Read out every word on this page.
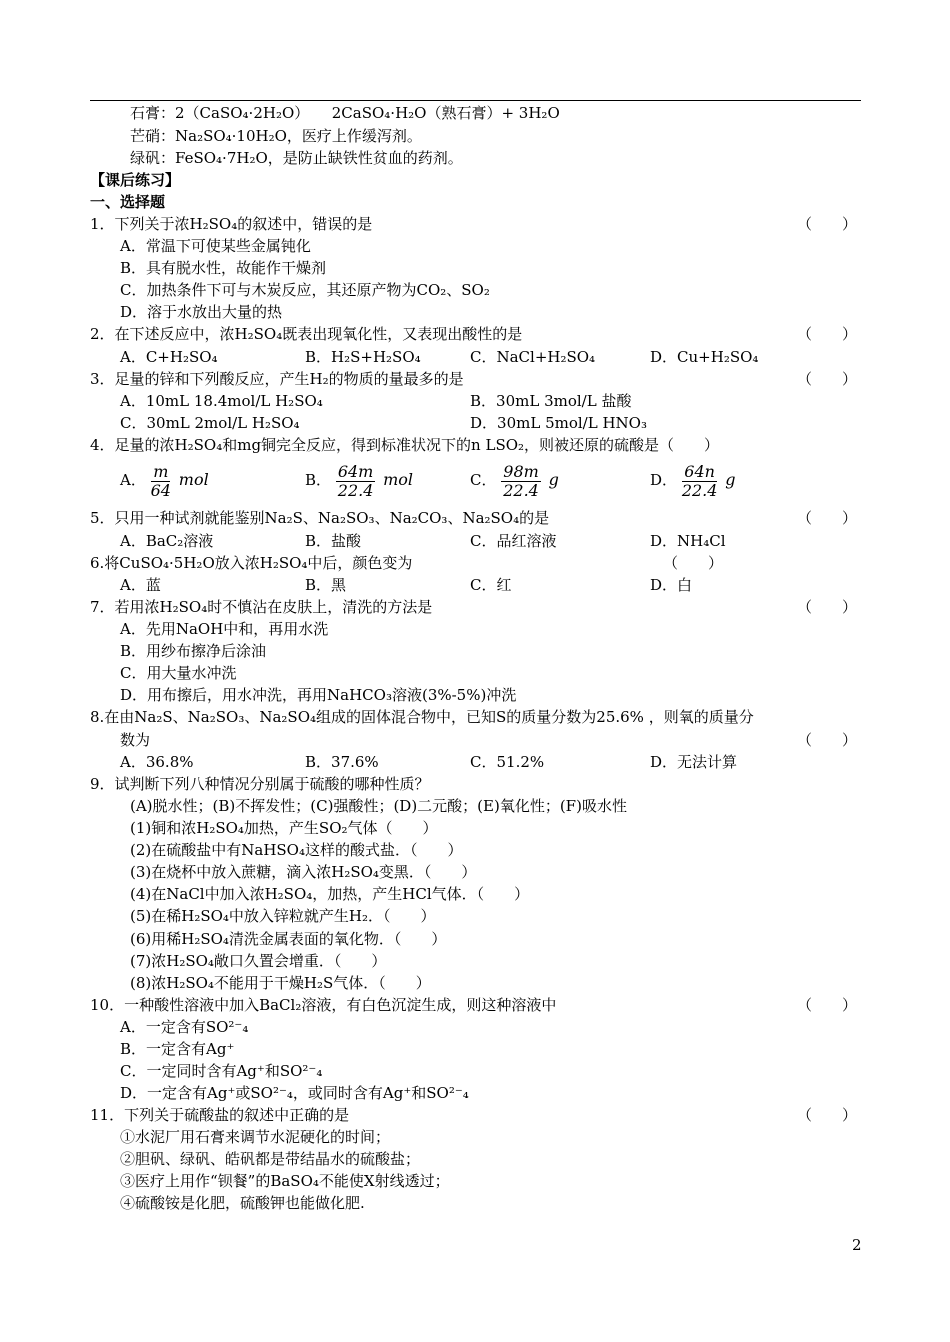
石膏：2（CaSO₄·2H₂O）　　2CaSO₄·H₂O（熟石膏）+ 3H₂O
芒硝：Na₂SO₄·10H₂O，医疗上作缓泻剂。
绿矾：FeSO₄·7H₂O，是防止缺铁性贫血的药剂。
【课后练习】
一、选择题
1．下列关于浓H₂SO₄的叙述中，错误的是	（　　）
A．常温下可使某些金属钝化
B．具有脱水性，故能作干燥剂
C．加热条件下可与木炭反应，其还原产物为CO₂、SO₂
D．溶于水放出大量的热
2．在下述反应中，浓H₂SO₄既表出现氧化性，又表现出酸性的是	（　　）
A．C+H₂SO₄	B．H₂S+H₂SO₄	C．NaCl+H₂SO₄	D．Cu+H₂SO₄
3．足量的锌和下列酸反应，产生H₂的物质的量最多的是	（　　）
A．10mL 18.4mol/L H₂SO₄	B．30mL 3mol/L 盐酸
C．30mL 2mol/L H₂SO₄	D．30mL 5mol/L HNO₃
4．足量的浓H₂SO₄和mg铜完全反应，得到标准状况下的n LSO₂，则被还原的硫酸是（　　）
A． $\frac{m}{64}$ mol	B． $\frac{64m}{22.4}$ mol	C． $\frac{98m}{22.4}$ g	D． $\frac{64n}{22.4}$ g
5．只用一种试剂就能鉴别Na₂S、Na₂SO₃、Na₂CO₃、Na₂SO₄的是	（　　）
A．BaC₂溶液	B．盐酸	C．品红溶液	D．NH₄Cl
6.将CuSO₄·5H₂O放入浓H₂SO₄中后，颜色变为	（　　）
A．蓝	B．黑	C．红	D．白
7．若用浓H₂SO₄时不慎沾在皮肤上，清洗的方法是	（　　）
A．先用NaOH中和，再用水洗
B．用纱布擦净后涂油
C．用大量水冲洗
D．用布擦后，用水冲洗，再用NaHCO₃溶液(3%-5%)冲洗
8.在由Na₂S、Na₂SO₃、Na₂SO₄组成的固体混合物中，已知S的质量分数为25.6% ，则氧的质量分
数为	（　　）
A．36.8%	B．37.6%	C．51.2%	D．无法计算
9．试判断下列八种情况分别属于硫酸的哪种性质？
(A)脱水性；(B)不挥发性；(C)强酸性；(D)二元酸；(E)氧化性；(F)吸水性
(1)铜和浓H₂SO₄加热，产生SO₂气体（　　）
(2)在硫酸盐中有NaHSO₄这样的酸式盐．（　　）
(3)在烧杯中放入蔗糖，滴入浓H₂SO₄变黑．（　　）
(4)在NaCl中加入浓H₂SO₄，加热，产生HCl气体．（　　）
(5)在稀H₂SO₄中放入锌粒就产生H₂．（　　）
(6)用稀H₂SO₄清洗金属表面的氧化物．（　　）
(7)浓H₂SO₄敞口久置会增重．（　　）
(8)浓H₂SO₄不能用于干燥H₂S气体．（　　）
10．一种酸性溶液中加入BaCl₂溶液，有白色沉淀生成，则这种溶液中	（　　）
A．一定含有SO²⁻₄
B．一定含有Ag⁺
C．一定同时含有Ag⁺和SO²⁻₄
D．一定含有Ag⁺或SO²⁻₄，或同时含有Ag⁺和SO²⁻₄
11．下列关于硫酸盐的叙述中正确的是	（　　）
①水泥厂用石膏来调节水泥硬化的时间；
②胆矾、绿矾、皓矾都是带结晶水的硫酸盐；
③医疗上用作“钡餐”的BaSO₄不能使X射线透过；
④硫酸铵是化肥，硫酸钾也能做化肥.
2
